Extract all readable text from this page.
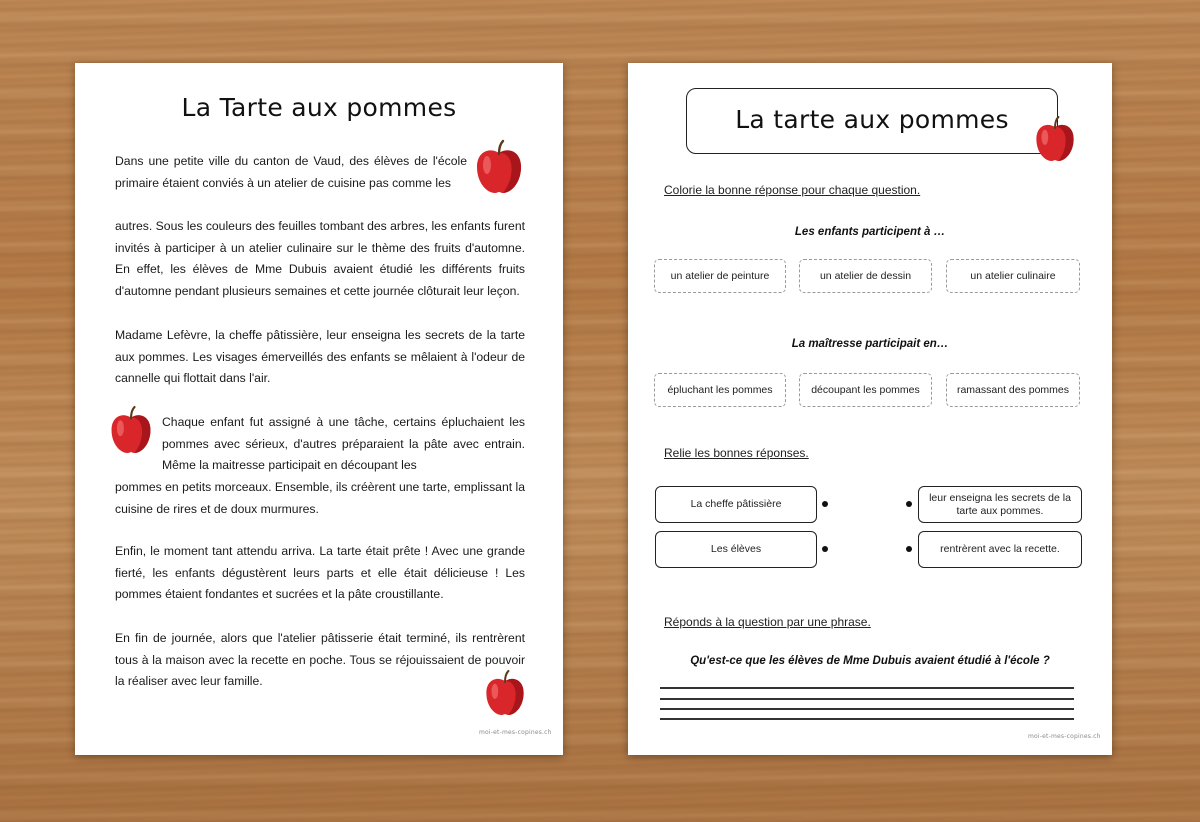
La Tarte aux pommes

Dans une petite ville du canton de Vaud, des élèves de l'école primaire étaient conviés à un atelier de cuisine pas comme les

autres. Sous les couleurs des feuilles tombant des arbres, les enfants furent invités à participer à un atelier culinaire sur le thème des fruits d'automne. En effet, les élèves de Mme Dubuis avaient étudié les différents fruits d'automne pendant plusieurs semaines et cette journée clôturait leur leçon.

Madame Lefèvre, la cheffe pâtissière, leur enseigna les secrets de la tarte aux pommes. Les visages émerveillés des enfants se mêlaient à l'odeur de cannelle qui flottait dans l'air.

Chaque enfant fut assigné à une tâche, certains épluchaient les pommes avec sérieux, d'autres préparaient la pâte avec entrain. Même la maitresse participait en découpant les

pommes en petits morceaux. Ensemble, ils créèrent une tarte, emplissant la cuisine de rires et de doux murmures.

Enfin, le moment tant attendu arriva. La tarte était prête ! Avec une grande fierté, les enfants dégustèrent leurs parts et elle était délicieuse ! Les pommes étaient fondantes et sucrées et la pâte croustillante.

En fin de journée, alors que l'atelier pâtisserie était terminé, ils rentrèrent tous à la maison avec la recette en poche. Tous se réjouissaient de pouvoir la réaliser avec leur famille.

moi-et-mes-copines.ch
La tarte aux pommes
Colorie la bonne réponse pour chaque question.
Les enfants participent à …
un atelier de peinture	un atelier de dessin	un atelier culinaire
La maîtresse participait en…
épluchant les pommes	découpant les pommes	ramassant des pommes
Relie les bonnes réponses.
La cheffe pâtissière
Les élèves
leur enseigna les secrets de la tarte aux pommes.
rentrèrent avec la recette.
Réponds à la question par une phrase.
Qu'est-ce que les élèves de Mme Dubuis avaient étudié à l'école ?
moi-et-mes-copines.ch
